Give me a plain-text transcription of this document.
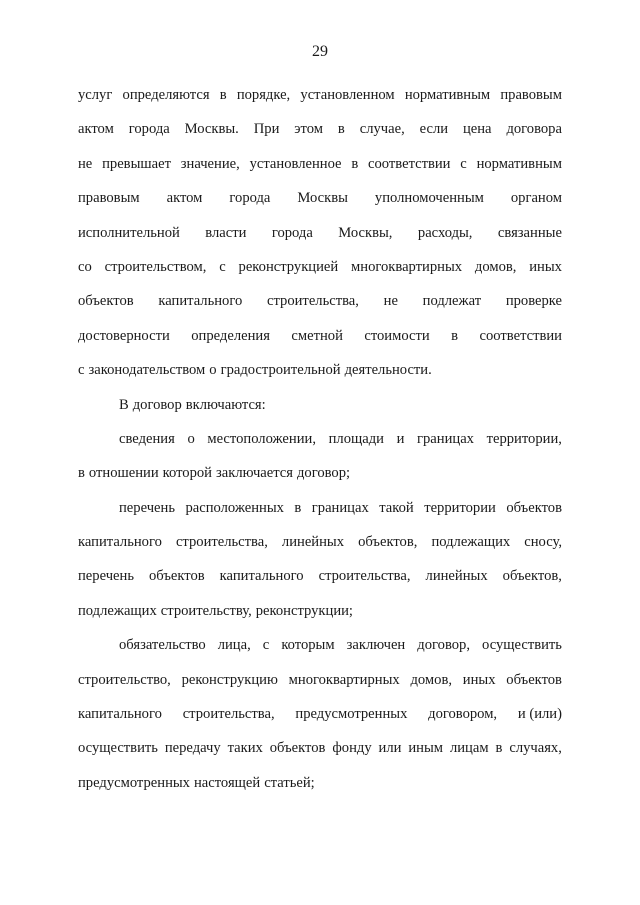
29
услуг определяются в порядке, установленном нормативным правовым
актом города Москвы. При этом в случае, если цена договора
не превышает значение, установленное в соответствии с нормативным
правовым актом города Москвы уполномоченным органом
исполнительной власти города Москвы, расходы, связанные
со строительством, с реконструкцией многоквартирных домов, иных
объектов капитального строительства, не подлежат проверке
достоверности определения сметной стоимости в соответствии
с законодательством о градостроительной деятельности.
В договор включаются:
сведения о местоположении, площади и границах территории,
в отношении которой заключается договор;
перечень расположенных в границах такой территории объектов
капитального строительства, линейных объектов, подлежащих сносу,
перечень объектов капитального строительства, линейных объектов,
подлежащих строительству, реконструкции;
обязательство лица, с которым заключен договор, осуществить
строительство, реконструкцию многоквартирных домов, иных объектов
капитального строительства, предусмотренных договором, и (или)
осуществить передачу таких объектов фонду или иным лицам в случаях,
предусмотренных настоящей статьей;
